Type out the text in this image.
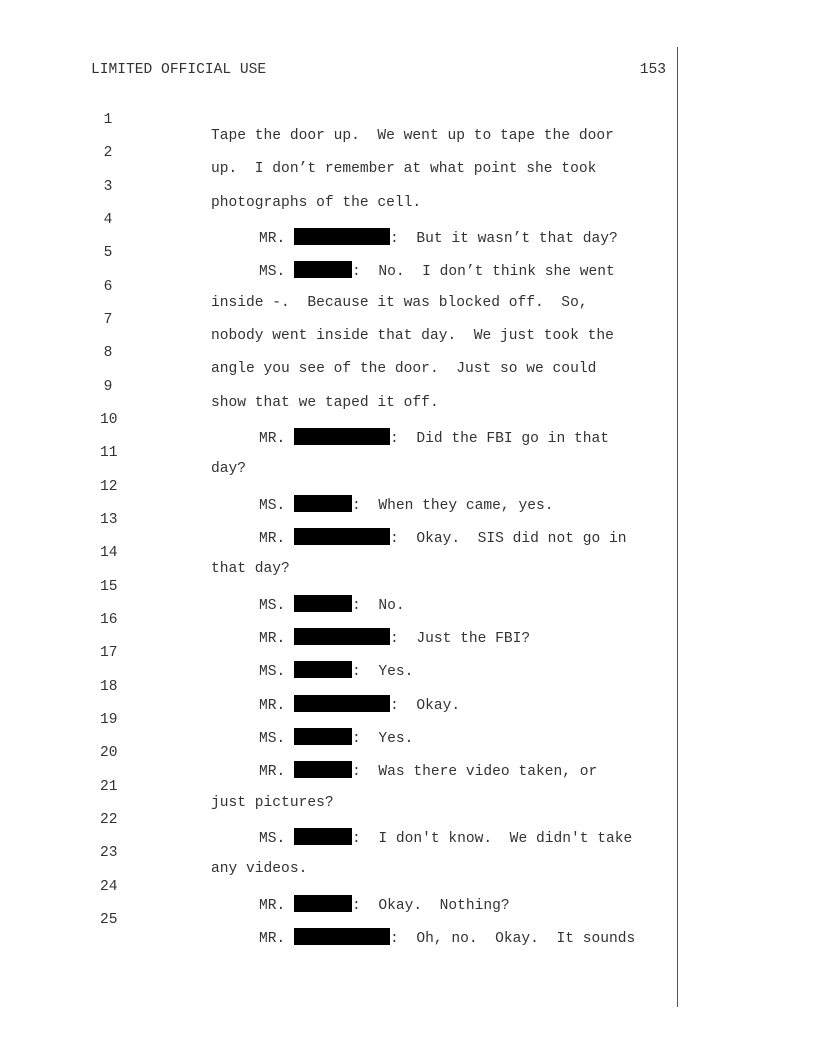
LIMITED OFFICIAL USE	153

1

Tape the door up.  We went up to tape the door

2

up.  I don’t remember at what point she took

3

photographs of the cell.

4

MR.	:  But it wasn’t that day?

5

MS.	:  No.  I don’t think she went

6

inside -.  Because it was blocked off.  So,

7

nobody went inside that day.  We just took the

8

angle you see of the door.  Just so we could

9

show that we taped it off.

10

MR.	:  Did the FBI go in that

11

day?

12

MS.	:  When they came, yes.

13

MR.	:  Okay.  SIS did not go in

14

that day?

15

MS.	:  No.

16

MR.	:  Just the FBI?

17

MS.	:  Yes.

18

MR.	:  Okay.

19

MS.	:  Yes.

20

MR.	:  Was there video taken, or

21

just pictures?

22

MS.	:  I don't know.  We didn't take

23

any videos.

24

MR.	:  Okay.  Nothing?

25

MR.	:  Oh, no.  Okay.  It sounds
